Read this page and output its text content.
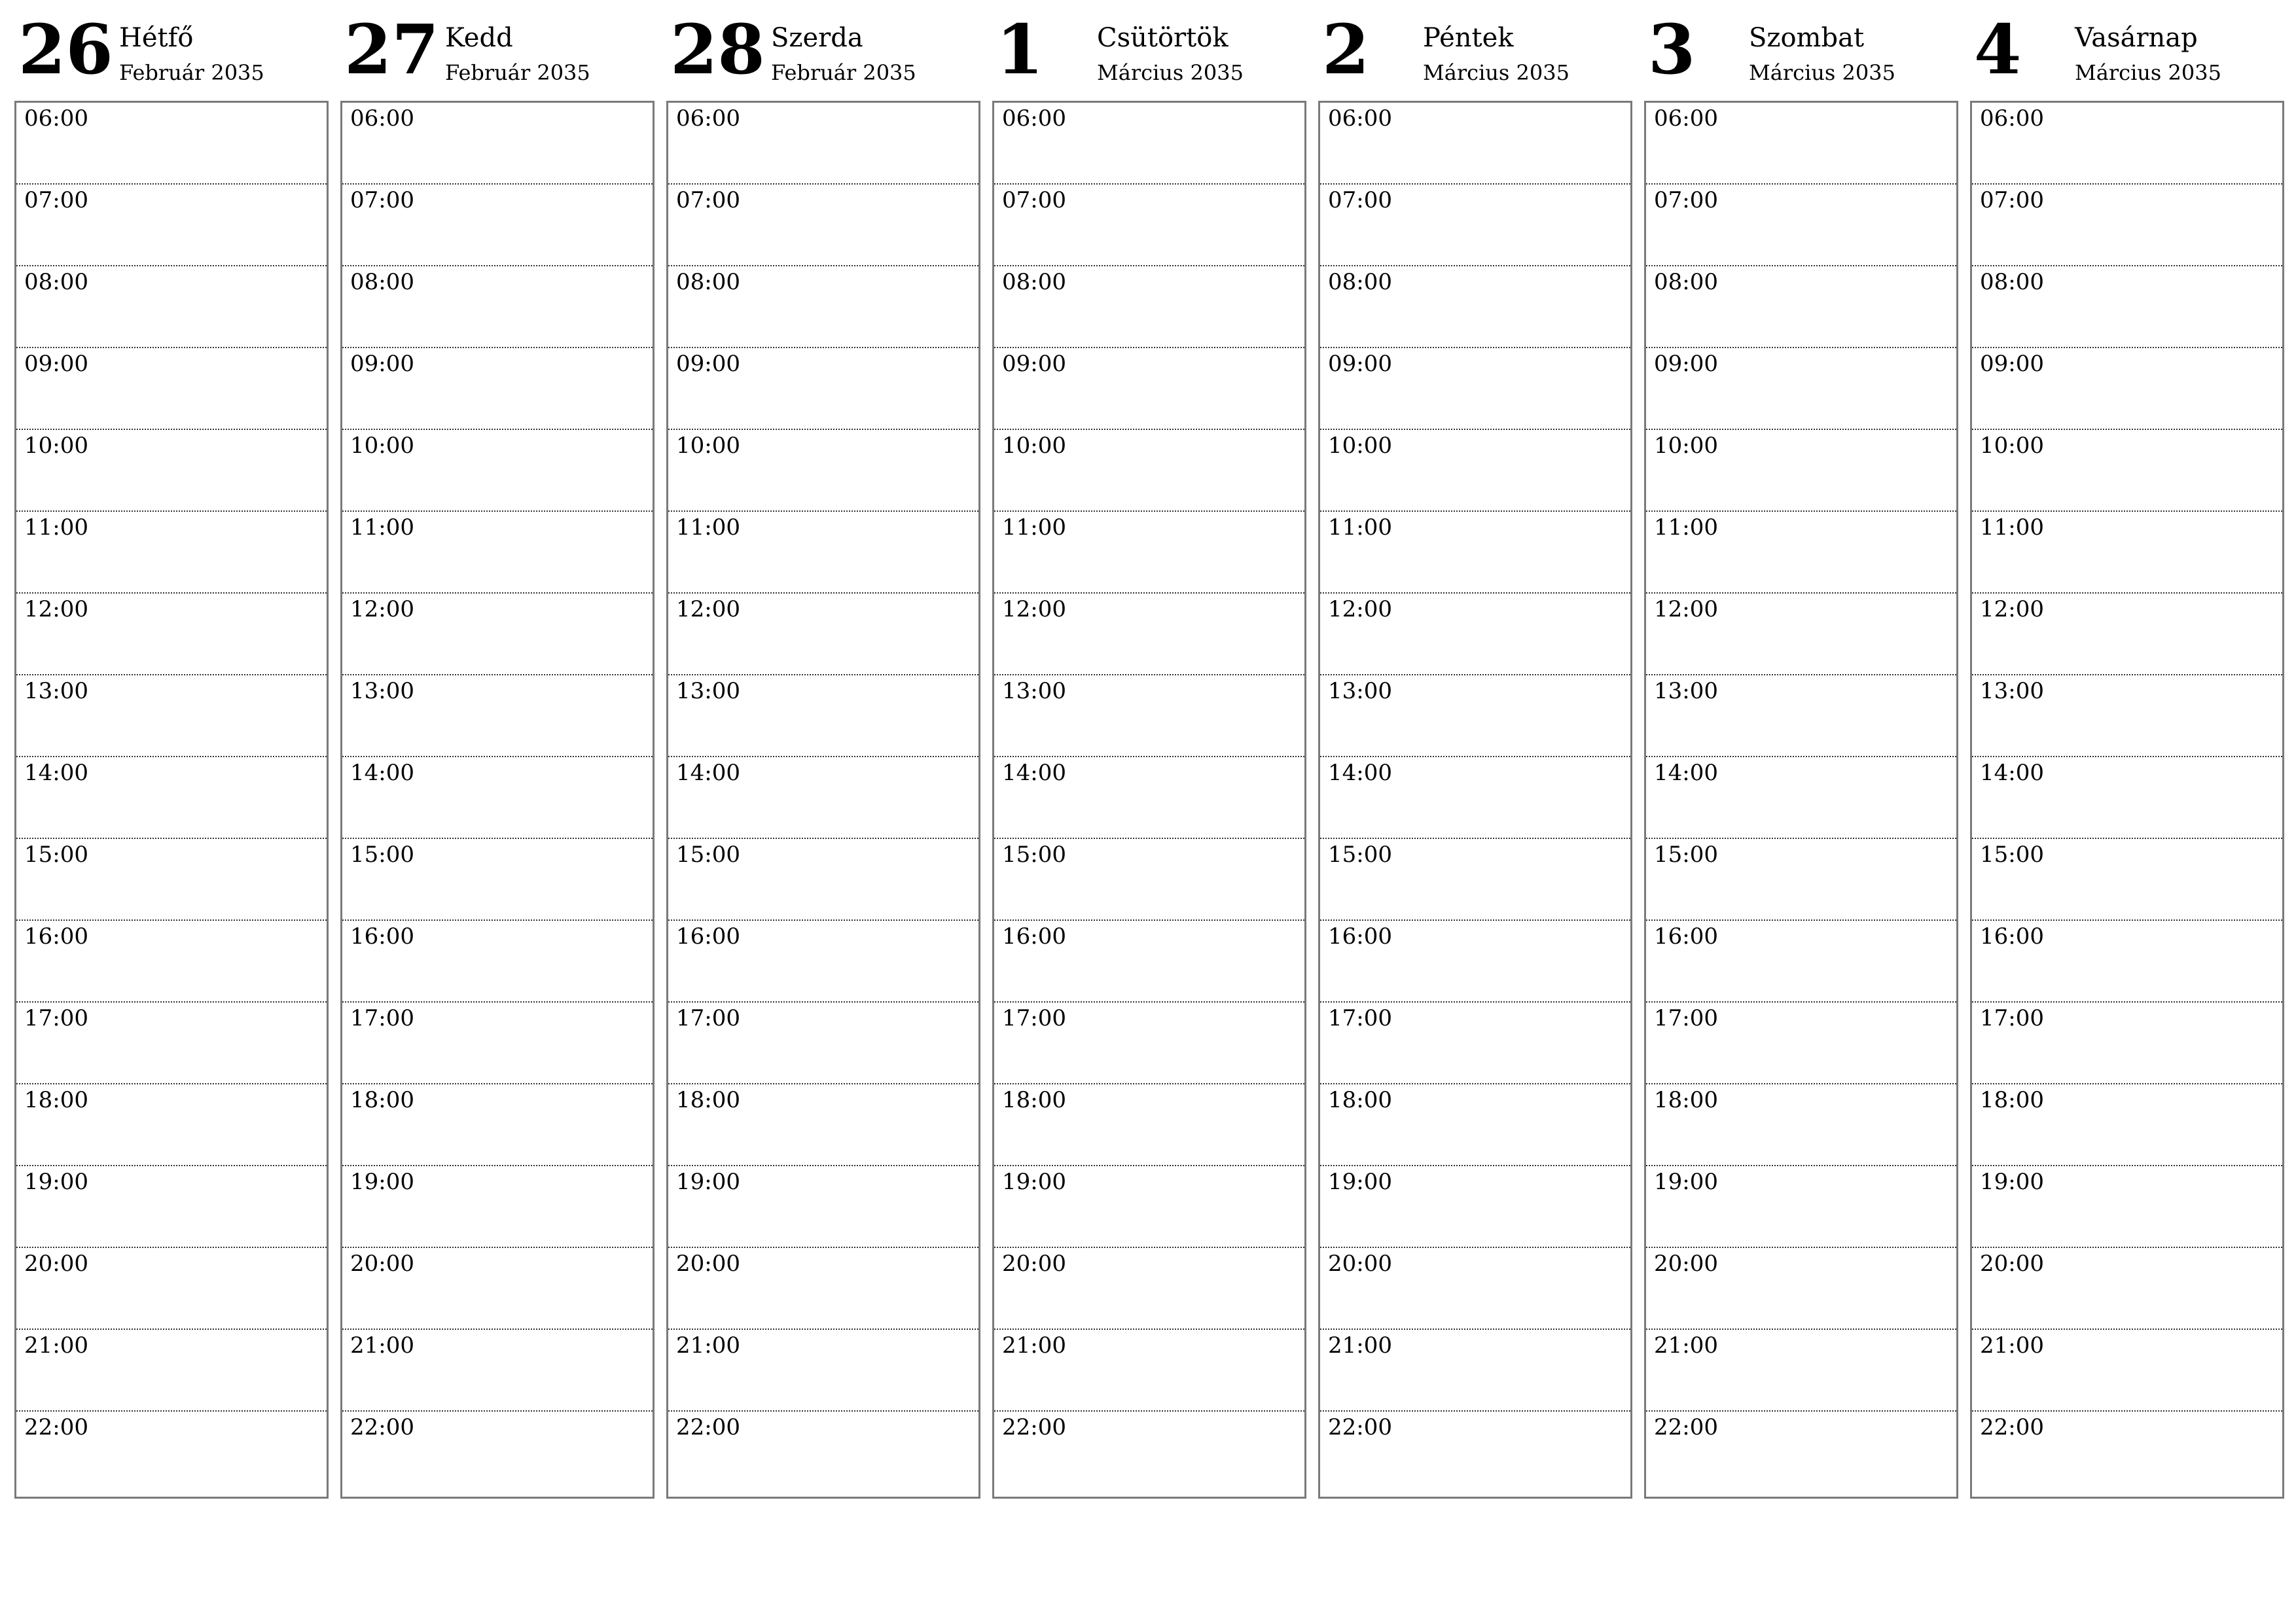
26 Hétfő
Február 2035
06:00
07:00
08:00
09:00
10:00
11:00
12:00
13:00
14:00
15:00
16:00
17:00
18:00
19:00
20:00
21:00
22:00
27 Kedd
Február 2035
06:00
07:00
08:00
09:00
10:00
11:00
12:00
13:00
14:00
15:00
16:00
17:00
18:00
19:00
20:00
21:00
22:00
28 Szerda
Február 2035
06:00
07:00
08:00
09:00
10:00
11:00
12:00
13:00
14:00
15:00
16:00
17:00
18:00
19:00
20:00
21:00
22:00
1 Csütörtök
Március 2035
06:00
07:00
08:00
09:00
10:00
11:00
12:00
13:00
14:00
15:00
16:00
17:00
18:00
19:00
20:00
21:00
22:00
2 Péntek
Március 2035
06:00
07:00
08:00
09:00
10:00
11:00
12:00
13:00
14:00
15:00
16:00
17:00
18:00
19:00
20:00
21:00
22:00
3 Szombat
Március 2035
06:00
07:00
08:00
09:00
10:00
11:00
12:00
13:00
14:00
15:00
16:00
17:00
18:00
19:00
20:00
21:00
22:00
4 Vasárnap
Március 2035
06:00
07:00
08:00
09:00
10:00
11:00
12:00
13:00
14:00
15:00
16:00
17:00
18:00
19:00
20:00
21:00
22:00
